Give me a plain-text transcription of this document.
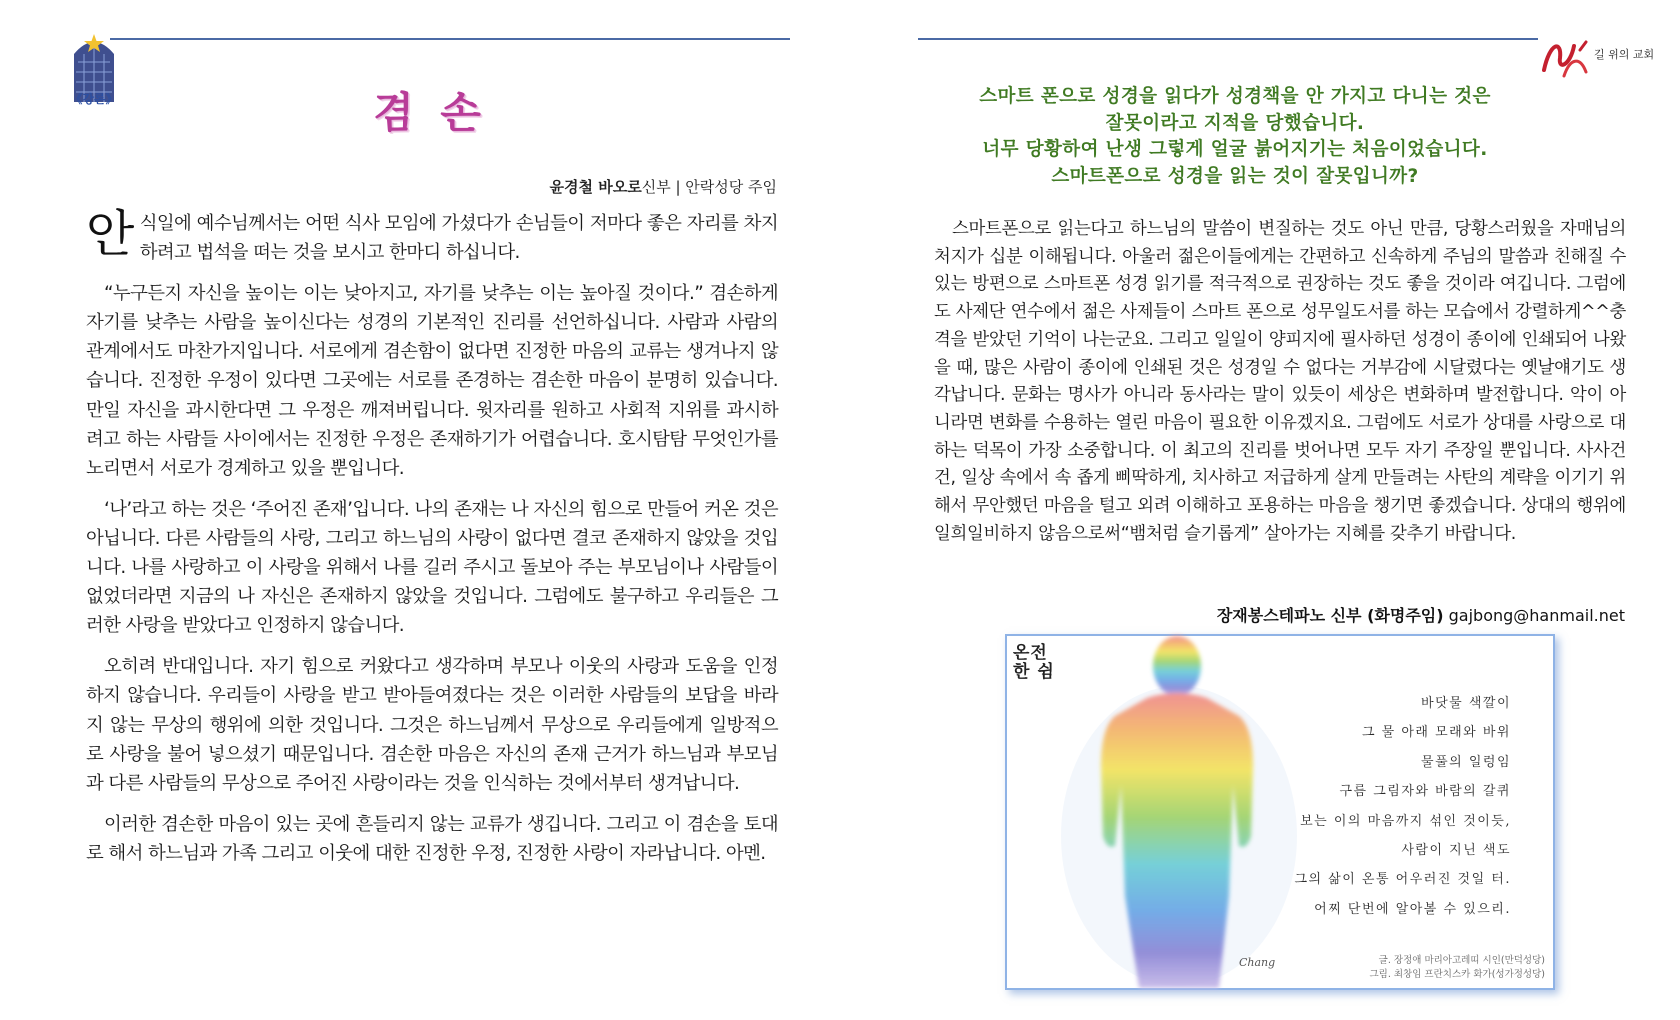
《강론》
길 위의 교회
겸 손
윤경철 바오로신부 | 안락성당 주임

안식일에 예수님께서는 어떤 식사 모임에 가셨다가 손님들이 저마다 좋은 자리를 차지하려고 법석을 떠는 것을 보시고 한마디 하십니다.

“누구든지 자신을 높이는 이는 낮아지고, 자기를 낮추는 이는 높아질 것이다.” 겸손하게 자기를 낮추는 사람을 높이신다는 성경의 기본적인 진리를 선언하십니다. 사람과 사람의 관계에서도 마찬가지입니다. 서로에게 겸손함이 없다면 진정한 마음의 교류는 생겨나지 않습니다. 진정한 우정이 있다면 그곳에는 서로를 존경하는 겸손한 마음이 분명히 있습니다. 만일 자신을 과시한다면 그 우정은 깨져버립니다. 윗자리를 원하고 사회적 지위를 과시하려고 하는 사람들 사이에서는 진정한 우정은 존재하기가 어렵습니다. 호시탐탐 무엇인가를 노리면서 서로가 경계하고 있을 뿐입니다.

‘나’라고 하는 것은 ‘주어진 존재’입니다. 나의 존재는 나 자신의 힘으로 만들어 커온 것은 아닙니다. 다른 사람들의 사랑, 그리고 하느님의 사랑이 없다면 결코 존재하지 않았을 것입니다. 나를 사랑하고 이 사랑을 위해서 나를 길러 주시고 돌보아 주는 부모님이나 사람들이 없었더라면 지금의 나 자신은 존재하지 않았을 것입니다. 그럼에도 불구하고 우리들은 그러한 사랑을 받았다고 인정하지 않습니다.

오히려 반대입니다. 자기 힘으로 커왔다고 생각하며 부모나 이웃의 사랑과 도움을 인정하지 않습니다. 우리들이 사랑을 받고 받아들여졌다는 것은 이러한 사람들의 보답을 바라지 않는 무상의 행위에 의한 것입니다. 그것은 하느님께서 무상으로 우리들에게 일방적으로 사랑을 불어 넣으셨기 때문입니다. 겸손한 마음은 자신의 존재 근거가 하느님과 부모님과 다른 사람들의 무상으로 주어진 사랑이라는 것을 인식하는 것에서부터 생겨납니다.

이러한 겸손한 마음이 있는 곳에 흔들리지 않는 교류가 생깁니다. 그리고 이 겸손을 토대로 해서 하느님과 가족 그리고 이웃에 대한 진정한 우정, 진정한 사랑이 자라납니다. 아멘.

스마트 폰으로 성경을 읽다가 성경책을 안 가지고 다니는 것은
잘못이라고 지적을 당했습니다.
너무 당황하여 난생 그렇게 얼굴 붉어지기는 처음이었습니다.
스마트폰으로 성경을 읽는 것이 잘못입니까?

스마트폰으로 읽는다고 하느님의 말씀이 변질하는 것도 아닌 만큼, 당황스러웠을 자매님의 처지가 십분 이해됩니다. 아울러 젊은이들에게는 간편하고 신속하게 주님의 말씀과 친해질 수 있는 방편으로 스마트폰 성경 읽기를 적극적으로 권장하는 것도 좋을 것이라 여깁니다. 그럼에도 사제단 연수에서 젊은 사제들이 스마트 폰으로 성무일도서를 하는 모습에서 강렬하게^^충격을 받았던 기억이 나는군요. 그리고 일일이 양피지에 필사하던 성경이 종이에 인쇄되어 나왔을 때, 많은 사람이 종이에 인쇄된 것은 성경일 수 없다는 거부감에 시달렸다는 옛날얘기도 생각납니다. 문화는 명사가 아니라 동사라는 말이 있듯이 세상은 변화하며 발전합니다. 악이 아니라면 변화를 수용하는 열린 마음이 필요한 이유겠지요. 그럼에도 서로가 상대를 사랑으로 대하는 덕목이 가장 소중합니다. 이 최고의 진리를 벗어나면 모두 자기 주장일 뿐입니다. 사사건건, 일상 속에서 속 좁게 삐딱하게, 치사하고 저급하게 살게 만들려는 사탄의 계략을 이기기 위해서 무안했던 마음을 털고 외려 이해하고 포용하는 마음을 챙기면 좋겠습니다. 상대의 행위에 일희일비하지 않음으로써“뱀처럼 슬기롭게” 살아가는 지혜를 갖추기 바랍니다.

장재봉스테파노 신부 (화명주임) gajbong@hanmail.net
온전
한 쉼
바닷물 색깔이
그 물 아래 모래와 바위
물풀의 일렁임
구름 그림자와 바람의 갈퀴
보는 이의 마음까지 섞인 것이듯,
사람이 지닌 색도
그의 삶이 온통 어우러진 것일 터.
어찌 단번에 알아볼 수 있으리.
Chang	글. 장정애 마리아고레띠 시인(만덕성당)
그림. 최창임 프란치스카 화가(성가정성당)
